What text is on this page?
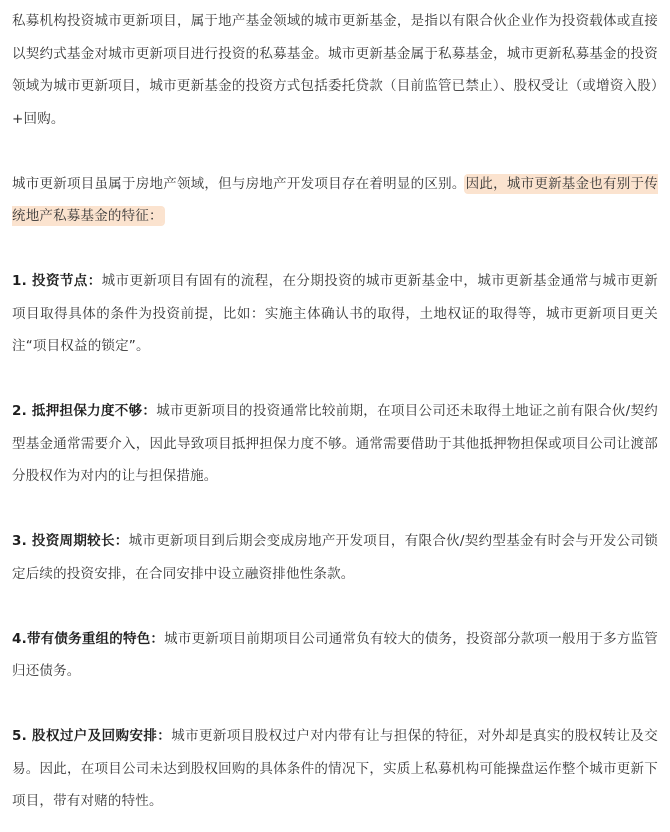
私募机构投资城市更新项目，属于地产基金领域的城市更新基金，是指以有限合伙企业作为投资载体或直接以契约式基金对城市更新项目进行投资的私募基金。城市更新基金属于私募基金，城市更新私募基金的投资领域为城市更新项目，城市更新基金的投资方式包括委托贷款（目前监管已禁止）、股权受让（或增资入股）+回购。

城市更新项目虽属于房地产领域，但与房地产开发项目存在着明显的区别。因此，城市更新基金也有别于传统地产私募基金的特征：

1. 投资节点：城市更新项目有固有的流程，在分期投资的城市更新基金中，城市更新基金通常与城市更新项目取得具体的条件为投资前提，比如：实施主体确认书的取得，土地权证的取得等，城市更新项目更关注“项目权益的锁定”。

2. 抵押担保力度不够：城市更新项目的投资通常比较前期，在项目公司还未取得土地证之前有限合伙/契约型基金通常需要介入，因此导致项目抵押担保力度不够。通常需要借助于其他抵押物担保或项目公司让渡部分股权作为对内的让与担保措施。

3. 投资周期较长：城市更新项目到后期会变成房地产开发项目，有限合伙/契约型基金有时会与开发公司锁定后续的投资安排，在合同安排中设立融资排他性条款。

4.带有债务重组的特色：城市更新项目前期项目公司通常负有较大的债务，投资部分款项一般用于多方监管归还债务。

5. 股权过户及回购安排：城市更新项目股权过户对内带有让与担保的特征，对外却是真实的股权转让及交易。因此，在项目公司未达到股权回购的具体条件的情况下，实质上私募机构可能操盘运作整个城市更新下项目，带有对赌的特性。
